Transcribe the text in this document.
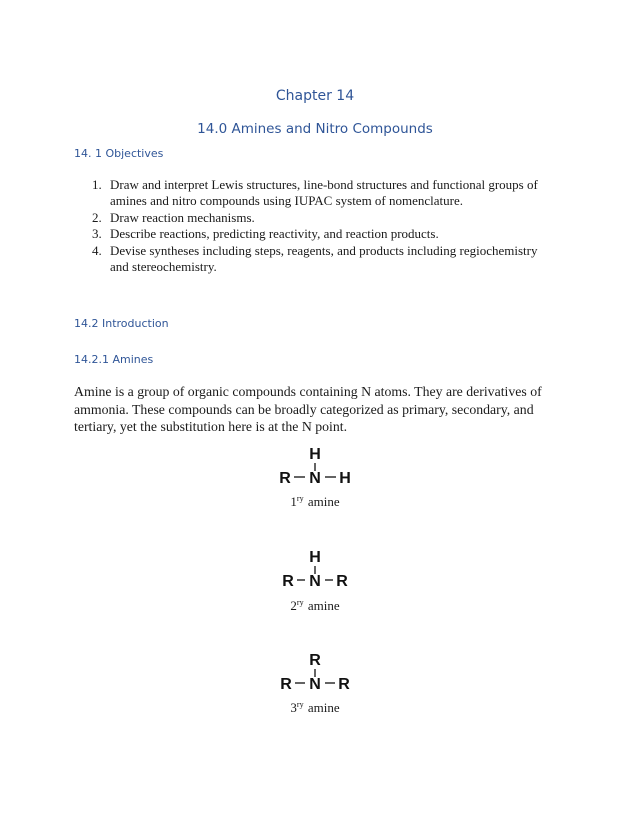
Chapter 14
14.0 Amines and Nitro Compounds
14. 1 Objectives
1. Draw and interpret Lewis structures, line-bond structures and functional groups of amines and nitro compounds using IUPAC system of nomenclature.
2. Draw reaction mechanisms.
3. Describe reactions, predicting reactivity, and reaction products.
4. Devise syntheses including steps, reagents, and products including regiochemistry and stereochemistry.
14.2 Introduction
14.2.1 Amines

Amine is a group of organic compounds containing N atoms. They are derivatives of ammonia. These compounds can be broadly categorized as primary, secondary, and tertiary, yet the substitution here is at the N point.

H
R N H
$1^{ry}$ amine
H
R N R
$2^{ry}$ amine
R
R N R
$3^{ry}$ amine
